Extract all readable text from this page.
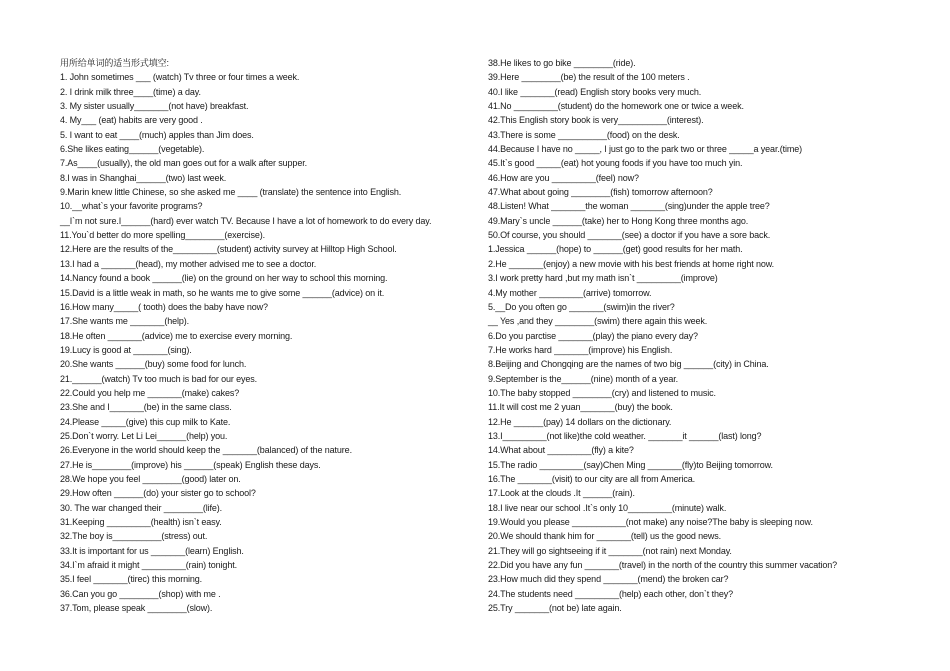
用所给单词的适当形式填空:

1. John sometimes ___ (watch) Tv three or four times a week.

2. I drink milk three____(time) a day.

3. My sister usually_______(not have) breakfast.

4. My___ (eat) habits are very good .

5. I want to eat ____(much) apples than Jim does.

6.She likes eating______(vegetable).

7.As____(usually), the old man goes out for a walk after supper.

8.I was in Shanghai______(two) last week.

9.Marin knew little Chinese, so she asked me ____ (translate) the sentence into English.

10.__what`s your favorite programs?

__I`m not sure.I______(hard) ever watch TV. Because I have a lot of homework to do every day.

11.You`d better do more spelling________(exercise).

12.Here are the results of the_________(student) activity survey at Hilltop High School.

13.I had a _______(head), my mother advised me to see a doctor.

14.Nancy found a book ______(lie) on the ground on her way to school this morning.

15.David is a little weak in math, so he wants me to give some ______(advice) on it.

16.How many_____( tooth) does the baby have now?

17.She wants me _______(help).

18.He often _______(advice) me to exercise every morning.

19.Lucy is good at _______(sing).

20.She wants ______(buy) some food for lunch.

21.______(watch) Tv too much is bad for our eyes.

22.Could you help me _______(make) cakes?

23.She and I_______(be) in the same class.

24.Please _____(give) this cup milk to Kate.

25.Don`t worry. Let Li Lei______(help) you.

26.Everyone in the world should keep the _______(balanced) of the nature.

27.He is________(improve) his ______(speak) English these days.

28.We hope you feel ________(good) later on.

29.How often ______(do) your sister go to school?

30. The war changed their ________(life).

31.Keeping _________(health) isn`t easy.

32.The boy is__________(stress) out.

33.It is important for us _______(learn) English.

34.I`m afraid it might _________(rain) tonight.

35.I feel _______(tirec) this morning.

36.Can you go ________(shop) with me .

37.Tom, please speak ________(slow).

38.He likes to go bike ________(ride).

39.Here ________(be) the result of the 100 meters .

40.I like _______(read) English story books very much.

41.No _________(student) do the homework one or twice a week.

42.This English story book is very__________(interest).

43.There is some __________(food) on the desk.

44.Because I have no _____, I just go to the park two or three _____a year.(time)

45.It`s good _____(eat) hot young foods if you have too much yin.

46.How are you _________(feel) now?

47.What about going ________(fish) tomorrow afternoon?

48.Listen! What _______the woman _______(sing)under the apple tree?

49.Mary`s uncle ______(take) her to Hong Kong three months ago.

50.Of course, you should _______(see) a doctor if you have a sore back.

1.Jessica ______(hope) to ______(get) good results for her math.

2.He _______(enjoy) a new movie with his best friends at home right now.

3.I work pretty hard ,but my math isn`t _________(improve)

4.My mother _________(arrive) tomorrow.

5.__Do you often go _______(swim)in the river?

__ Yes ,and they ________(swim) there again this week.

6.Do you parctise _______(play) the piano every day?

7.He works hard _______(improve) his English.

8.Beijing and Chongqing are the names of two big ______(city) in China.

9.September is the______(nine) month of a year.

10.The baby stopped ________(cry) and listened to music.

11.It will cost me 2 yuan_______(buy) the book.

12.He ______(pay) 14 dollars on the dictionary.

13.I_________(not like)the cold weather. _______it ______(last) long?

14.What about _________(fly) a kite?

15.The radio _________(say)Chen Ming _______(fly)to Beijing tomorrow.

16.The _______(visit) to our city are all from America.

17.Look at the clouds .It ______(rain).

18.I live near our school .It`s only 10_________(minute) walk.

19.Would you please ___________(not make) any noise?The baby is sleeping now.

20.We should thank him for _______(tell) us the good news.

21.They will go sightseeing if it _______(not rain) next Monday.

22.Did you have any fun _______(travel) in the north of the country this summer vacation?

23.How much did they spend _______(mend) the broken car?

24.The students need _________(help) each other, don`t they?

25.Try _______(not be) late again.
